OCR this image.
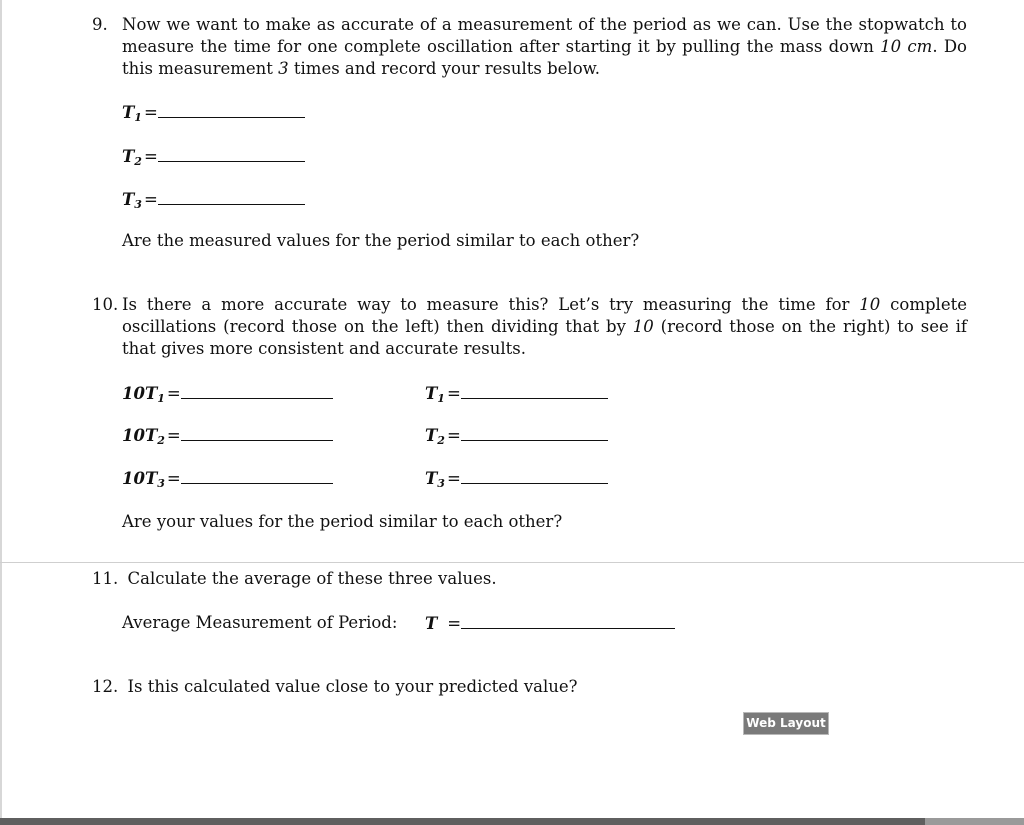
9. Now we want to make as accurate of a measurement of the period as we can. Use the stopwatch to measure the time for one complete oscillation after starting it by pulling the mass down 10 cm. Do this measurement 3 times and record your results below.
$T_1$ =
$T_2$ =
$T_3$ =
Are the measured values for the period similar to each other?
10. Is there a more accurate way to measure this? Let’s try measuring the time for 10 complete oscillations (record those on the left) then dividing that by 10 (record those on the right) to see if that gives more consistent and accurate results.
$10T_1$ =	$T_1$ =
$10T_2$ =	$T_2$ =
$10T_3$ =	$T_3$ =
Are your values for the period similar to each other?
11. Calculate the average of these three values.
Average Measurement of Period: T =
12. Is this calculated value close to your predicted value?
Web Layout
